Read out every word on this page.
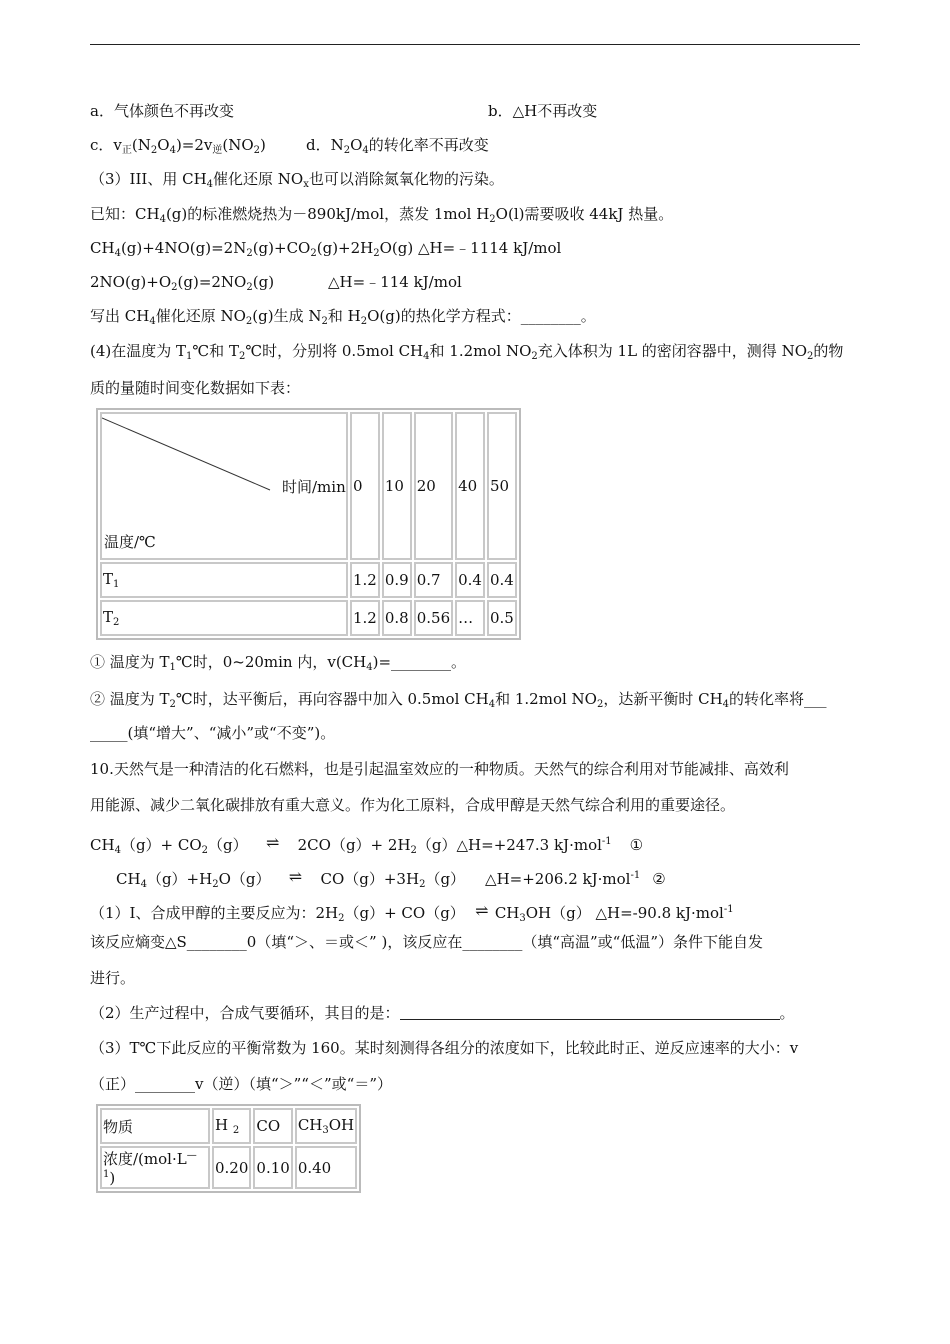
a．气体颜色不再改变	b．△H不再改变
c．$v_正(N_2O_4)=2v_逆(NO_2)$	d．$N_2O_4$的转化率不再改变
（3）III、用 $CH_4$催化还原 $NO_x$也可以消除氮氧化物的污染。
已知：$CH_4(g)$的标准燃烧热为－890kJ/mol，蒸发 1mol $H_2O(l)$需要吸收 44kJ 热量。
$CH_4(g)+4NO(g)=2N_2(g)+CO_2(g)+2H_2O(g)$ △H=﹣1114 kJ/mol
$2NO(g)+O_2(g)=2NO_2(g)$	△H=﹣114 kJ/mol
写出 $CH_4$催化还原 $NO_2(g)$生成 $N_2$和 $H_2O(g)$的热化学方程式：________。
(4)在温度为 $T_1℃$和 $T_2℃$时，分别将 0.5mol $CH_4$和 1.2mol $NO_2$充入体积为 1L 的密闭容器中，测得 $NO_2$的物
质的量随时间变化数据如下表：
时间/min
温度/℃	0	10	20	40	50
$T_1$	1.2	0.9	0.7	0.4	0.4
$T_2$	1.2	0.8	0.56	…	0.5
① 温度为 $T_1℃$时，0~20min 内，$v(CH_4)=\_\_\_\_\_\_\_\_$。
② 温度为 $T_2℃$时，达平衡后，再向容器中加入 0.5mol $CH_4$和 1.2mol $NO_2$，达新平衡时 $CH_4$的转化率将___
_____(填“增大”、“减小”或“不变”)。
10.天然气是一种清洁的化石燃料，也是引起温室效应的一种物质。天然气的综合利用对节能减排、高效利
用能源、减少二氧化碳排放有重大意义。作为化工原料，合成甲醇是天然气综合利用的重要途径。
$CH_4(g)+ CO_2(g)$ ⇌ $2CO(g)+ 2H_2(g)\triangle H=+247.3$ kJ·mol$^{-1}$ ①
$CH_4(g)+H_2O(g)$ ⇌ $CO(g)+3H_2(g)$ △H=+206.2 kJ·mol$^{-1}$ ②
（1）Ⅰ、合成甲醇的主要反应为：$2H_2(g)+ CO(g)$ ⇌ $CH_3OH(g)$ △H=-90.8 kJ·mol$^{-1}$
该反应熵变△S________0（填“＞、＝或＜” )，该反应在________（填“高温”或“低温”）条件下能自发
进行。
（2）生产过程中，合成气要循环，其目的是：	。
（3）T℃下此反应的平衡常数为 160。某时刻测得各组分的浓度如下，比较此时正、逆反应速率的大小：v
（正）________v（逆）（填“＞”“＜”或“＝”）
物质	H $_2$	CO	$CH_3OH$
浓度$/(mol\cdot L^{—1})$	0.20	0.10	0.40
